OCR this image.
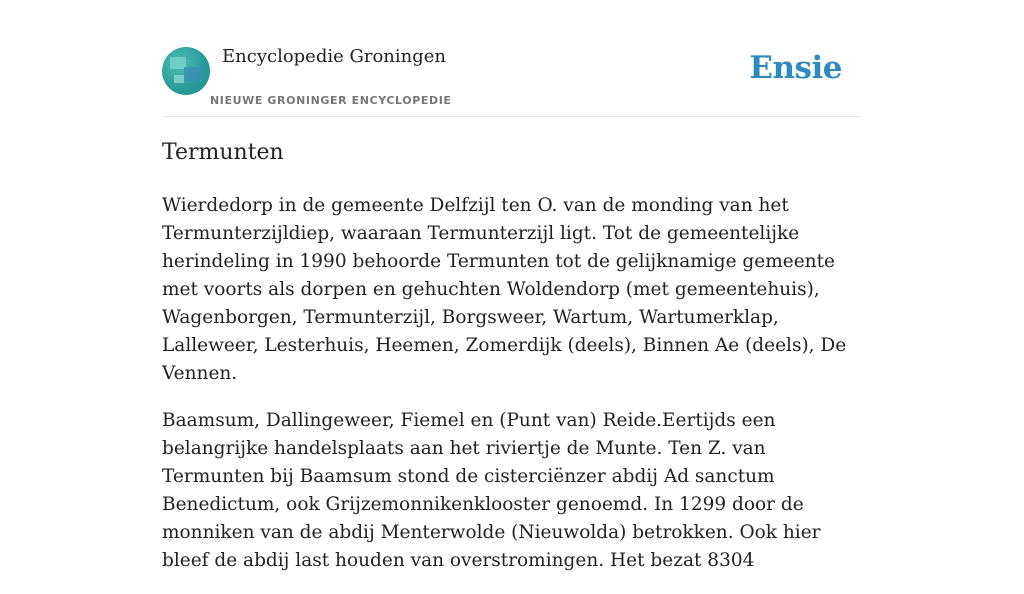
Encyclopedie Groningen
NIEUWE GRONINGER ENCYCLOPEDIE
Ensie
Termunten

Wierdedorp in de gemeente Delfzijl ten O. van de monding van het Termunterzijldiep, waaraan Termunterzijl ligt. Tot de gemeentelijke herindeling in 1990 behoorde Termunten tot de gelijknamige gemeente met voorts als dorpen en gehuchten Woldendorp (met gemeentehuis), Wagenborgen, Termunterzijl, Borgsweer, Wartum, Wartumerklap, Lalleweer, Lesterhuis, Heemen, Zomerdijk (deels), Binnen Ae (deels), De Vennen.

Baamsum, Dallingeweer, Fiemel en (Punt van) Reide.Eertijds een belangrijke handelsplaats aan het riviertje de Munte. Ten Z. van Termunten bij Baamsum stond de cisterciënzer abdij Ad sanctum Benedictum, ook Grijzemonnikenklooster genoemd. In 1299 door de monniken van de abdij Menterwolde (Nieuwolda) betrokken. Ook hier bleef de abdij last houden van overstromingen. Het bezat 8304
